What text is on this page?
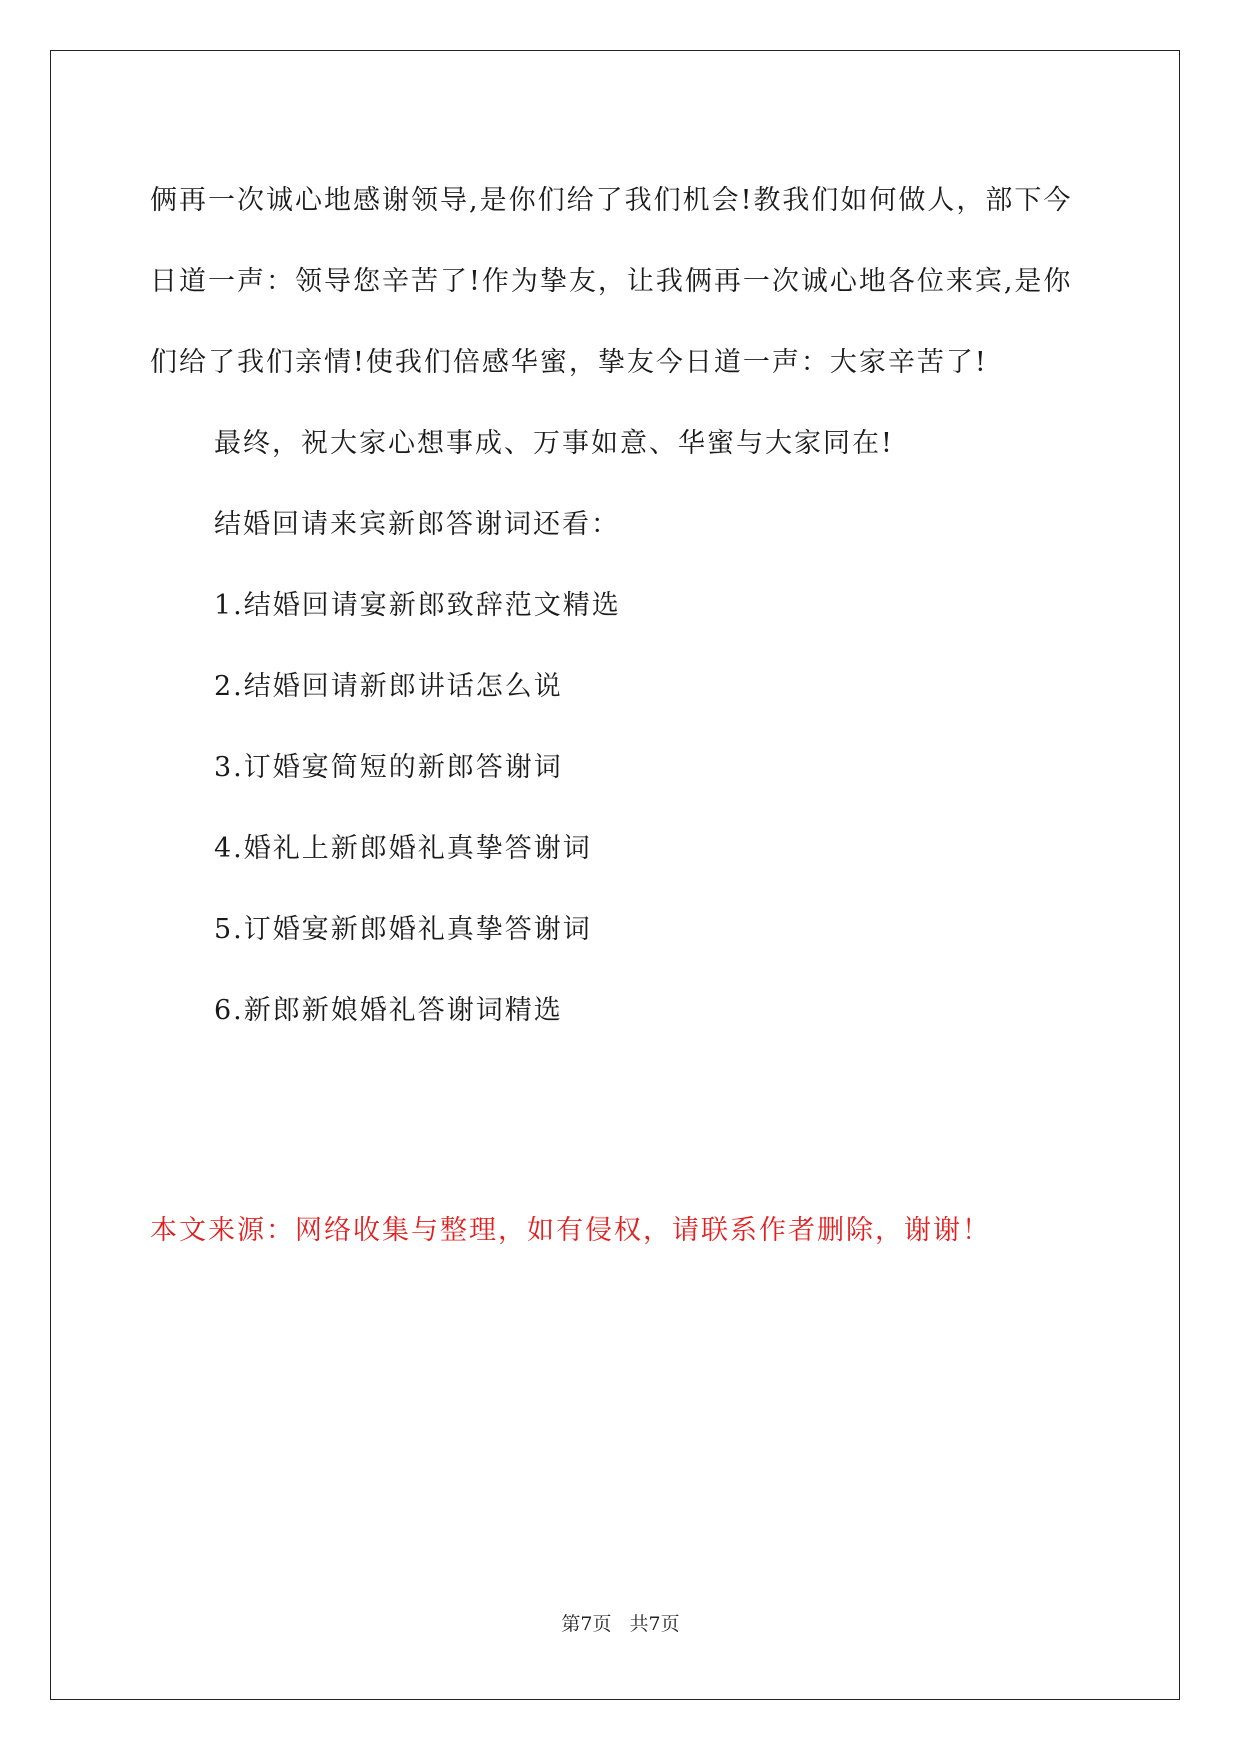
俩再一次诚心地感谢领导,是你们给了我们机会!教我们如何做人，部下今日道一声：领导您辛苦了!作为挚友，让我俩再一次诚心地各位来宾,是你们给了我们亲情!使我们倍感华蜜，挚友今日道一声：大家辛苦了!

最终，祝大家心想事成、万事如意、华蜜与大家同在!

结婚回请来宾新郎答谢词还看：

1.结婚回请宴新郎致辞范文精选
2.结婚回请新郎讲话怎么说
3.订婚宴简短的新郎答谢词
4.婚礼上新郎婚礼真挚答谢词
5.订婚宴新郎婚礼真挚答谢词
6.新郎新娘婚礼答谢词精选
本文来源：网络收集与整理，如有侵权，请联系作者删除，谢谢！
第7页 共7页
